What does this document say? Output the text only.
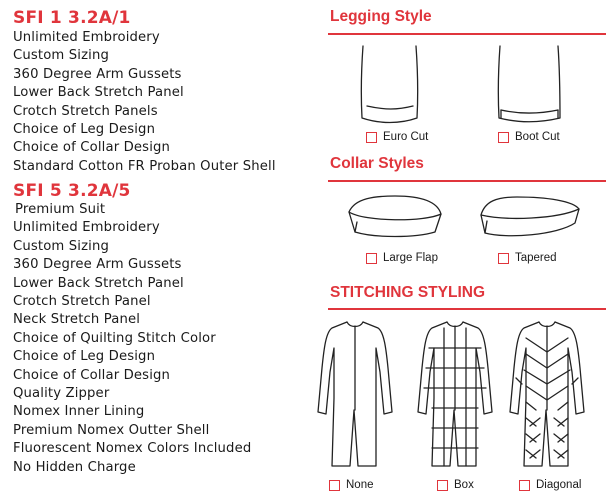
SFI 1 3.2A/1
Unlimited Embroidery
Custom Sizing
360 Degree Arm Gussets
Lower Back Stretch Panel
Crotch Stretch Panels
Choice of Leg Design
Choice of Collar Design
Standard Cotton FR Proban Outer Shell
SFI 5 3.2A/5
Premium Suit
Unlimited Embroidery
Custom Sizing
360 Degree Arm Gussets
Lower Back Stretch Panel
Crotch Stretch Panel
Neck Stretch Panel
Choice of Quilting Stitch Color
Choice of Leg Design
Choice of Collar Design
Quality Zipper
Nomex Inner Lining
Premium Nomex Outter Shell
Fluorescent Nomex Colors Included
No Hidden Charge
Legging Style
Euro Cut	Boot Cut
Collar Styles
Large Flap	Tapered
STITCHING STYLING
None	Box	Diagonal
